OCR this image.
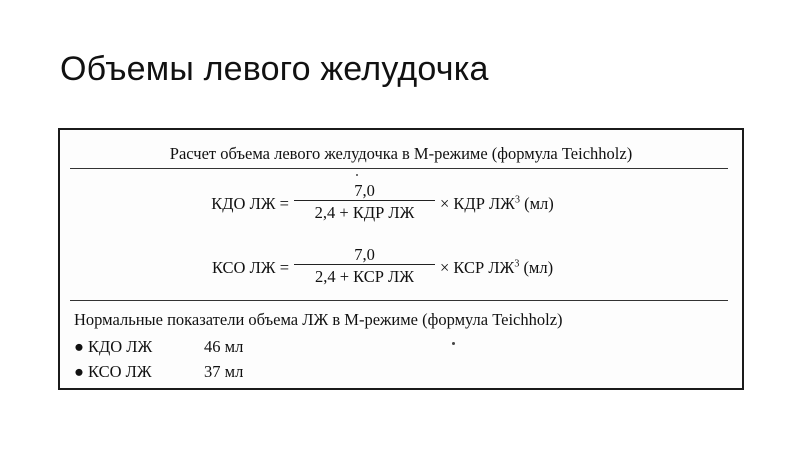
Объемы левого желудочка
Расчет объема левого желудочка в М-режиме (формула Teichholz)
КДО ЛЖ =
7,0
2,4 + КДР ЛЖ	× КДР $ЛЖ^3$ (мл)
КСО ЛЖ =
7,0
2,4 + КСР ЛЖ	× КСР $ЛЖ^3$ (мл)
Нормальные показатели объема ЛЖ в М-режиме (формула Teichholz)
● КДО ЛЖ	46 мл
● КСО ЛЖ	37 мл
